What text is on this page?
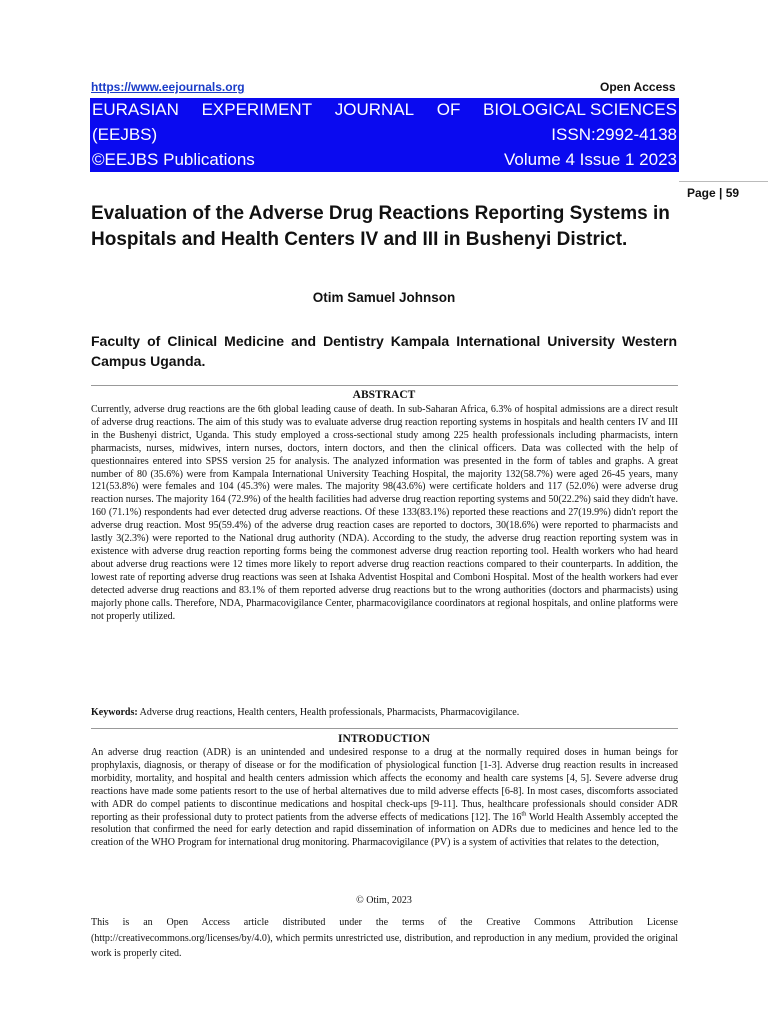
https://www.eejournals.org	Open Access
EURASIAN EXPERIMENT JOURNAL OF BIOLOGICAL SCIENCES
(EEJBS)	ISSN:2992-4138
©EEJBS Publications	Volume 4 Issue 1 2023
Page | 59
Evaluation of the Adverse Drug Reactions Reporting Systems in Hospitals and Health Centers IV and III in Bushenyi District.
Otim Samuel Johnson
Faculty of Clinical Medicine and Dentistry Kampala International University Western Campus Uganda.
ABSTRACT
Currently, adverse drug reactions are the 6th global leading cause of death. In sub-Saharan Africa, 6.3% of hospital admissions are a direct result of adverse drug reactions. The aim of this study was to evaluate adverse drug reaction reporting systems in hospitals and health centers IV and III in the Bushenyi district, Uganda. This study employed a cross-sectional study among 225 health professionals including pharmacists, intern pharmacists, nurses, midwives, intern nurses, doctors, intern doctors, and then the clinical officers. Data was collected with the help of questionnaires entered into SPSS version 25 for analysis. The analyzed information was presented in the form of tables and graphs. A great number of 80 (35.6%) were from Kampala International University Teaching Hospital, the majority 132(58.7%) were aged 26-45 years, many 121(53.8%) were females and 104 (45.3%) were males. The majority 98(43.6%) were certificate holders and 117 (52.0%) were adverse drug reaction nurses. The majority 164 (72.9%) of the health facilities had adverse drug reaction reporting systems and 50(22.2%) said they didn't have. 160 (71.1%) respondents had ever detected drug adverse reactions. Of these 133(83.1%) reported these reactions and 27(19.9%) didn't report the adverse drug reaction. Most 95(59.4%) of the adverse drug reaction cases are reported to doctors, 30(18.6%) were reported to pharmacists and lastly 3(2.3%) were reported to the National drug authority (NDA). According to the study, the adverse drug reaction reporting system was in existence with adverse drug reaction reporting forms being the commonest adverse drug reaction reporting tool. Health workers who had heard about adverse drug reactions were 12 times more likely to report adverse drug reaction reactions compared to their counterparts. In addition, the lowest rate of reporting adverse drug reactions was seen at Ishaka Adventist Hospital and Comboni Hospital. Most of the health workers had ever detected adverse drug reactions and 83.1% of them reported adverse drug reactions but to the wrong authorities (doctors and pharmacists) using majorly phone calls. Therefore, NDA, Pharmacovigilance Center, pharmacovigilance coordinators at regional hospitals, and online platforms were not properly utilized.
Keywords: Adverse drug reactions, Health centers, Health professionals, Pharmacists, Pharmacovigilance.
INTRODUCTION
An adverse drug reaction (ADR) is an unintended and undesired response to a drug at the normally required doses in human beings for prophylaxis, diagnosis, or therapy of disease or for the modification of physiological function [1-3]. Adverse drug reaction results in increased morbidity, mortality, and hospital and health centers admission which affects the economy and health care systems [4, 5]. Severe adverse drug reactions have made some patients resort to the use of herbal alternatives due to mild adverse effects [6-8]. In most cases, discomforts associated with ADR do compel patients to discontinue medications and hospital check-ups [9-11]. Thus, healthcare professionals should consider ADR reporting as their professional duty to protect patients from the adverse effects of medications [12]. The 16th World Health Assembly accepted the resolution that confirmed the need for early detection and rapid dissemination of information on ADRs due to medicines and hence led to the creation of the WHO Program for international drug monitoring. Pharmacovigilance (PV) is a system of activities that relates to the detection,
© Otim, 2023
This is an Open Access article distributed under the terms of the Creative Commons Attribution License (http://creativecommons.org/licenses/by/4.0), which permits unrestricted use, distribution, and reproduction in any medium, provided the original work is properly cited.
